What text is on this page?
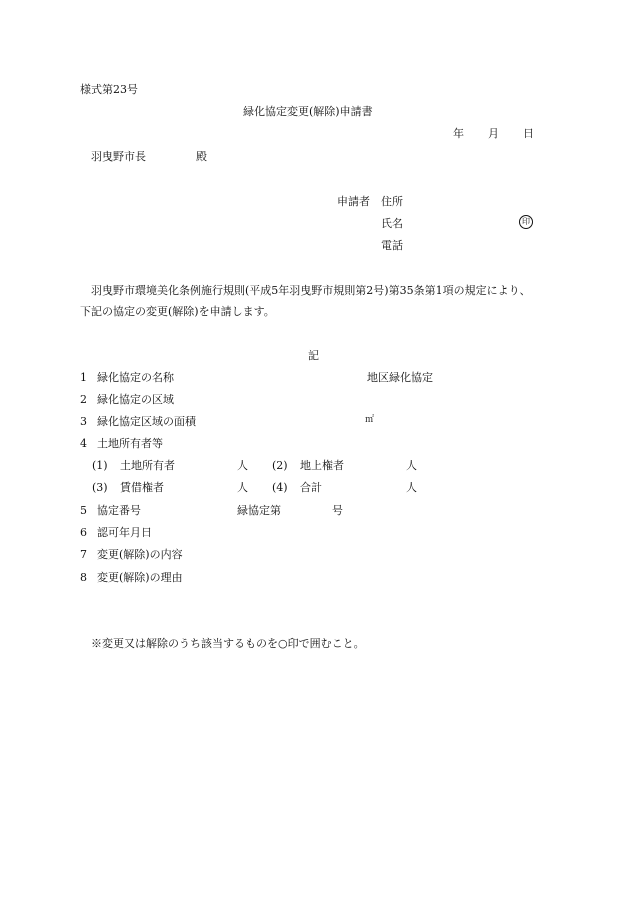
様式第23号
緑化協定変更(解除)申請書
年 月 日
羽曳野市長	殿
申請者 住所
氏名	印
電話
羽曳野市環境美化条例施行規則(平成5年羽曳野市規則第2号)第35条第1項の規定により、
下記の協定の変更(解除)を申請します。
記
1 緑化協定の名称	地区緑化協定
2 緑化協定の区域
3 緑化協定区域の面積	㎡
4 土地所有者等
(1) 土地所有者	人 (2) 地上権者	人
(3) 賃借権者	人 (4) 合計	人
5 協定番号	緑協定第	号
6 認可年月日
7 変更(解除)の内容
8 変更(解除)の理由
※変更又は解除のうち該当するものを○印で囲むこと。
